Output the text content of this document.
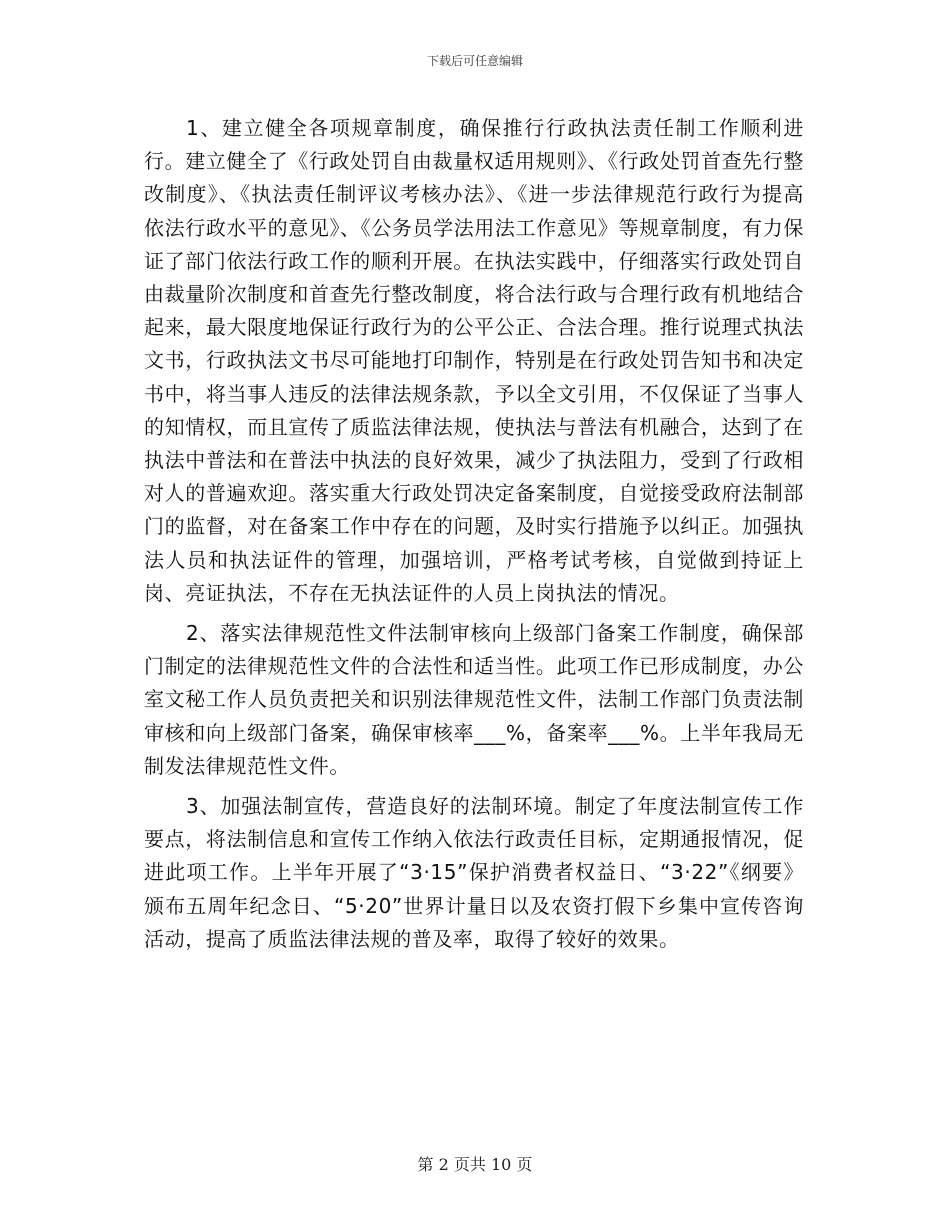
下载后可任意编辑

1、建立健全各项规章制度，确保推行行政执法责任制工作顺利进行。建立健全了《行政处罚自由裁量权适用规则》、《行政处罚首查先行整改制度》、《执法责任制评议考核办法》、《进一步法律规范行政行为提高依法行政水平的意见》、《公务员学法用法工作意见》等规章制度，有力保证了部门依法行政工作的顺利开展。在执法实践中，仔细落实行政处罚自由裁量阶次制度和首查先行整改制度，将合法行政与合理行政有机地结合起来，最大限度地保证行政行为的公平公正、合法合理。推行说理式执法文书，行政执法文书尽可能地打印制作，特别是在行政处罚告知书和决定书中，将当事人违反的法律法规条款，予以全文引用，不仅保证了当事人的知情权，而且宣传了质监法律法规，使执法与普法有机融合，达到了在执法中普法和在普法中执法的良好效果，减少了执法阻力，受到了行政相对人的普遍欢迎。落实重大行政处罚决定备案制度，自觉接受政府法制部门的监督，对在备案工作中存在的问题，及时实行措施予以纠正。加强执法人员和执法证件的管理，加强培训，严格考试考核，自觉做到持证上岗、亮证执法，不存在无执法证件的人员上岗执法的情况。

2、落实法律规范性文件法制审核向上级部门备案工作制度，确保部门制定的法律规范性文件的合法性和适当性。此项工作已形成制度，办公室文秘工作人员负责把关和识别法律规范性文件，法制工作部门负责法制审核和向上级部门备案，确保审核率___%，备案率___%。上半年我局无制发法律规范性文件。

3、加强法制宣传，营造良好的法制环境。制定了年度法制宣传工作要点，将法制信息和宣传工作纳入依法行政责任目标，定期通报情况，促进此项工作。上半年开展了“3·15”保护消费者权益日、“3·22”《纲要》颁布五周年纪念日、“5·20”世界计量日以及农资打假下乡集中宣传咨询活动，提高了质监法律法规的普及率，取得了较好的效果。

第 2 页共 10 页
